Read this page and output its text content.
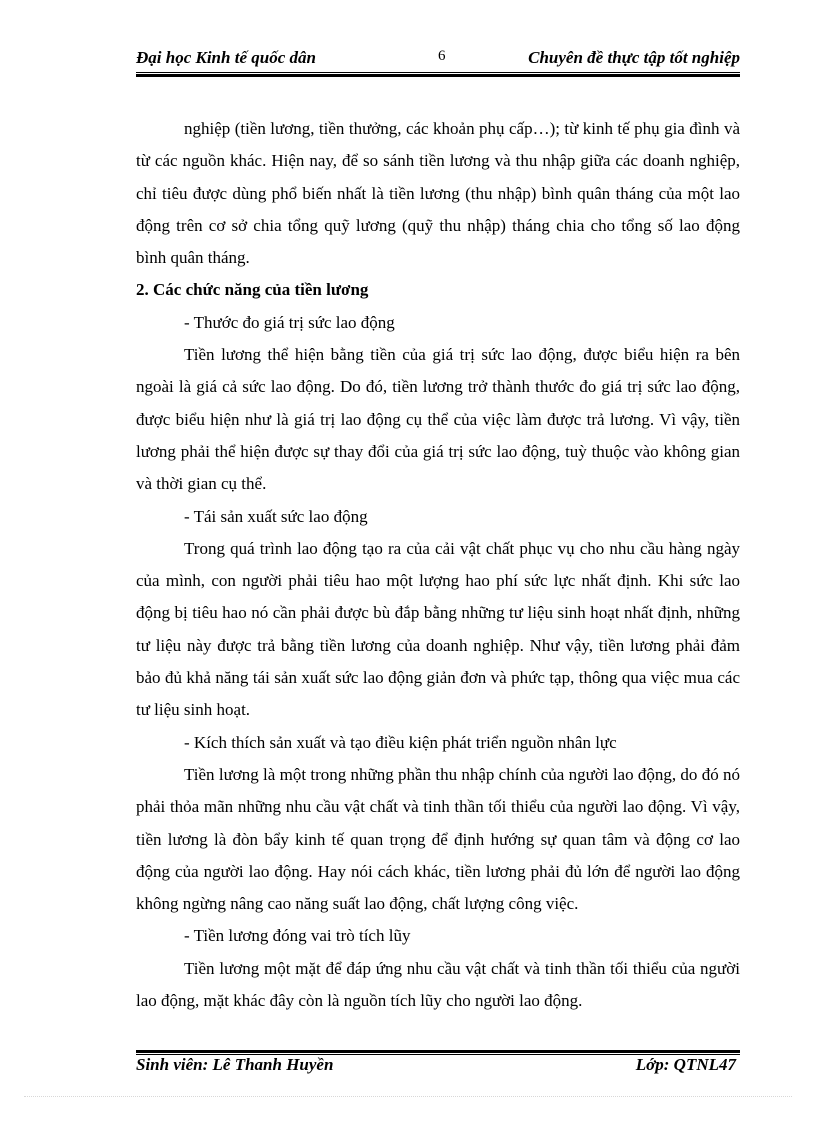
Đại học Kinh tế quốc dân	6	Chuyên đề thực tập tốt nghiệp

nghiệp (tiền lương, tiền thưởng, các khoản phụ cấp…); từ kinh tế phụ gia đình và từ các nguồn khác. Hiện nay, để so sánh tiền lương và thu nhập giữa các doanh nghiệp, chỉ tiêu được dùng phổ biến nhất là tiền lương (thu nhập) bình quân tháng của một lao động trên cơ sở chia tổng quỹ lương (quỹ thu nhập) tháng chia cho tổng số lao động bình quân tháng.

2. Các chức năng của tiền lương

- Thước đo giá trị sức lao động

Tiền lương thể hiện bằng tiền của giá trị sức lao động, được biểu hiện ra bên ngoài là giá cả sức lao động. Do đó, tiền lương trở thành thước đo giá trị sức lao động, được biểu hiện như là giá trị lao động cụ thể của việc làm được trả lương. Vì vậy, tiền lương phải thể hiện được sự thay đổi của giá trị sức lao động, tuỳ thuộc vào không gian và thời gian cụ thể.

- Tái sản xuất sức lao động

Trong quá trình lao động tạo ra của cải vật chất phục vụ cho nhu cầu hàng ngày của mình, con người phải tiêu hao một lượng hao phí sức lực nhất định. Khi sức lao động bị tiêu hao nó cần phải được bù đắp bằng những tư liệu sinh hoạt nhất định, những tư liệu này được trả bằng tiền lương của doanh nghiệp. Như vậy, tiền lương phải đảm bảo đủ khả năng tái sản xuất sức lao động giản đơn và phức tạp, thông qua việc mua các tư liệu sinh hoạt.

- Kích thích sản xuất và tạo điều kiện phát triển nguồn nhân lực

Tiền lương là một trong những phần thu nhập chính của người lao động, do đó nó phải thỏa mãn những nhu cầu vật chất và tinh thần tối thiểu của người lao động. Vì vậy, tiền lương là đòn bẩy kinh tế quan trọng để định hướng sự quan tâm và động cơ lao động của người lao động. Hay nói cách khác, tiền lương phải đủ lớn để người lao động không ngừng nâng cao năng suất lao động, chất lượng công việc.

- Tiền lương đóng vai trò tích lũy

Tiền lương một mặt để đáp ứng nhu cầu vật chất và tinh thần tối thiểu của người lao động, mặt khác đây còn là nguồn tích lũy cho người lao động.

Sinh viên: Lê Thanh Huyền	Lớp: QTNL47
